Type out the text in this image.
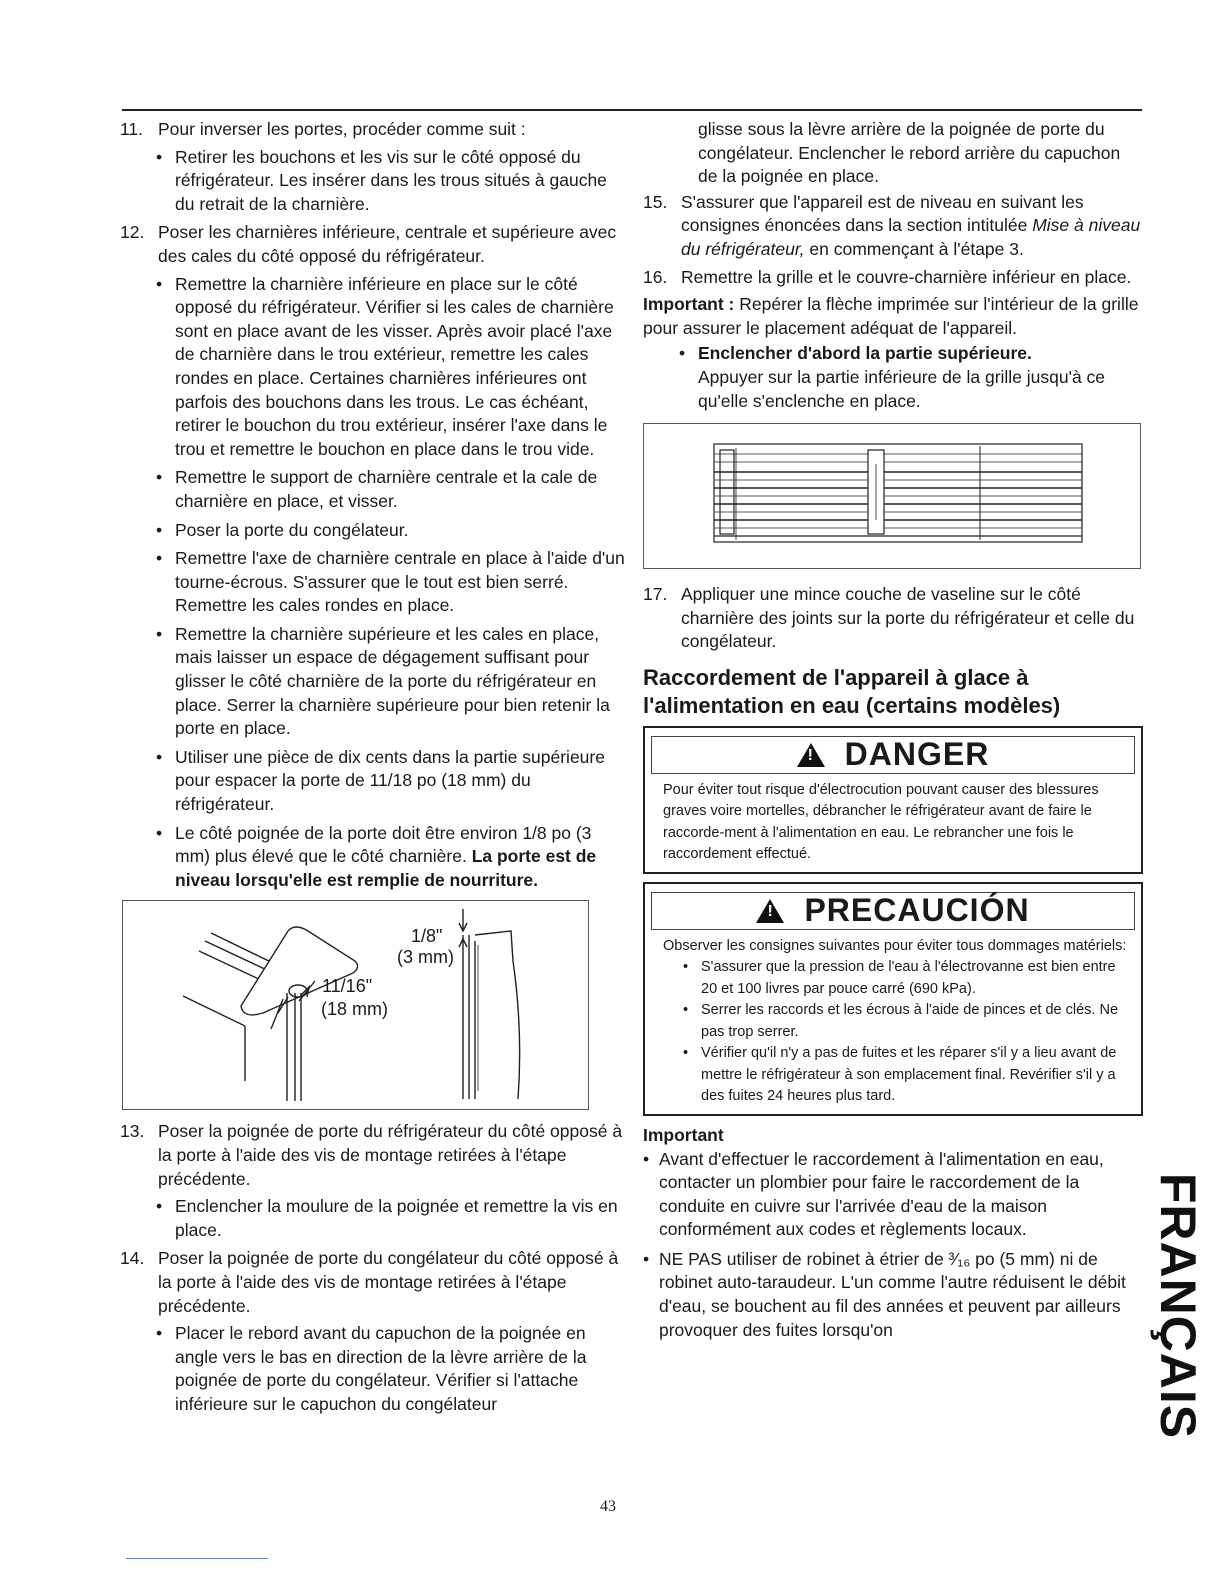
11. Pour inverser les portes, procéder comme suit :

• Retirer les bouchons et les vis sur le côté opposé du réfrigérateur. Les insérer dans les trous situés à gauche du retrait de la charnière.

12. Poser les charnières inférieure, centrale et supérieure avec des cales du côté opposé du réfrigérateur.

• Remettre la charnière inférieure en place sur le côté opposé du réfrigérateur. Vérifier si les cales de charnière sont en place avant de les visser. Après avoir placé l'axe de charnière dans le trou extérieur, remettre les cales rondes en place. Certaines charnières inférieures ont parfois des bouchons dans les trous. Le cas échéant, retirer le bouchon du trou extérieur, insérer l'axe dans le trou et remettre le bouchon en place dans le trou vide.

• Remettre le support de charnière centrale et la cale de charnière en place, et visser.

• Poser la porte du congélateur.

• Remettre l'axe de charnière centrale en place à l'aide d'un tourne-écrous. S'assurer que le tout est bien serré. Remettre les cales rondes en place.

• Remettre la charnière supérieure et les cales en place, mais laisser un espace de dégagement suffisant pour glisser le côté charnière de la porte du réfrigérateur en place. Serrer la charnière supérieure pour bien retenir la porte en place.

• Utiliser une pièce de dix cents dans la partie supérieure pour espacer la porte de 11/18 po (18 mm) du réfrigérateur.

• Le côté poignée de la porte doit être environ 1/8 po (3 mm) plus élevé que le côté charnière. La porte est de niveau lorsqu'elle est remplie de nourriture.

1/8"
(3 mm)
11/16"
(18 mm)

13. Poser la poignée de porte du réfrigérateur du côté opposé à la porte à l'aide des vis de montage retirées à l'étape précédente.

• Enclencher la moulure de la poignée et remettre la vis en place.

14. Poser la poignée de porte du congélateur du côté opposé à la porte à l'aide des vis de montage retirées à l'étape précédente.

• Placer le rebord avant du capuchon de la poignée en angle vers le bas en direction de la lèvre arrière de la poignée de porte du congélateur. Vérifier si l'attache inférieure sur le capuchon du congélateur

glisse sous la lèvre arrière de la poignée de porte du congélateur. Enclencher le rebord arrière du capuchon de la poignée en place.

15. S'assurer que l'appareil est de niveau en suivant les consignes énoncées dans la section intitulée Mise à niveau du réfrigérateur, en commençant à l'étape 3.

16. Remettre la grille et le couvre-charnière inférieur en place.

Important : Repérer la flèche imprimée sur l'intérieur de la grille pour assurer le placement adéquat de l'appareil.

• Enclencher d'abord la partie supérieure.

Appuyer sur la partie inférieure de la grille jusqu'à ce qu'elle s'enclenche en place.

17. Appliquer une mince couche de vaseline sur le côté charnière des joints sur la porte du réfrigérateur et celle du congélateur.

Raccordement de l'appareil à glace à l'alimentation en eau (certains modèles)
!
DANGER
Pour éviter tout risque d'électrocution pouvant causer des blessures graves voire mortelles, débrancher le réfrigérateur avant de faire le raccorde-ment à l'alimentation en eau. Le rebrancher une fois le raccordement effectué.
!
PRECAUCIÓN
Observer les consignes suivantes pour éviter tous dommages matériels:
• S'assurer que la pression de l'eau à l'électrovanne est bien entre 20 et 100 livres par pouce carré (690 kPa).
• Serrer les raccords et les écrous à l'aide de pinces et de clés. Ne pas trop serrer.
• Vérifier qu'il n'y a pas de fuites et les réparer s'il y a lieu avant de mettre le réfrigérateur à son emplacement final. Revérifier s'il y a des fuites 24 heures plus tard.

Important

• Avant d'effectuer le raccordement à l'alimentation en eau, contacter un plombier pour faire le raccordement de la conduite en cuivre sur l'arrivée d'eau de la maison conformément aux codes et règlements locaux.

• NE PAS utiliser de robinet à étrier de ³⁄₁₆ po (5 mm) ni de robinet auto-taraudeur. L'un comme l'autre réduisent le débit d'eau, se bouchent au fil des années et peuvent par ailleurs provoquer des fuites lorsqu'on

43
FRANÇAIS
